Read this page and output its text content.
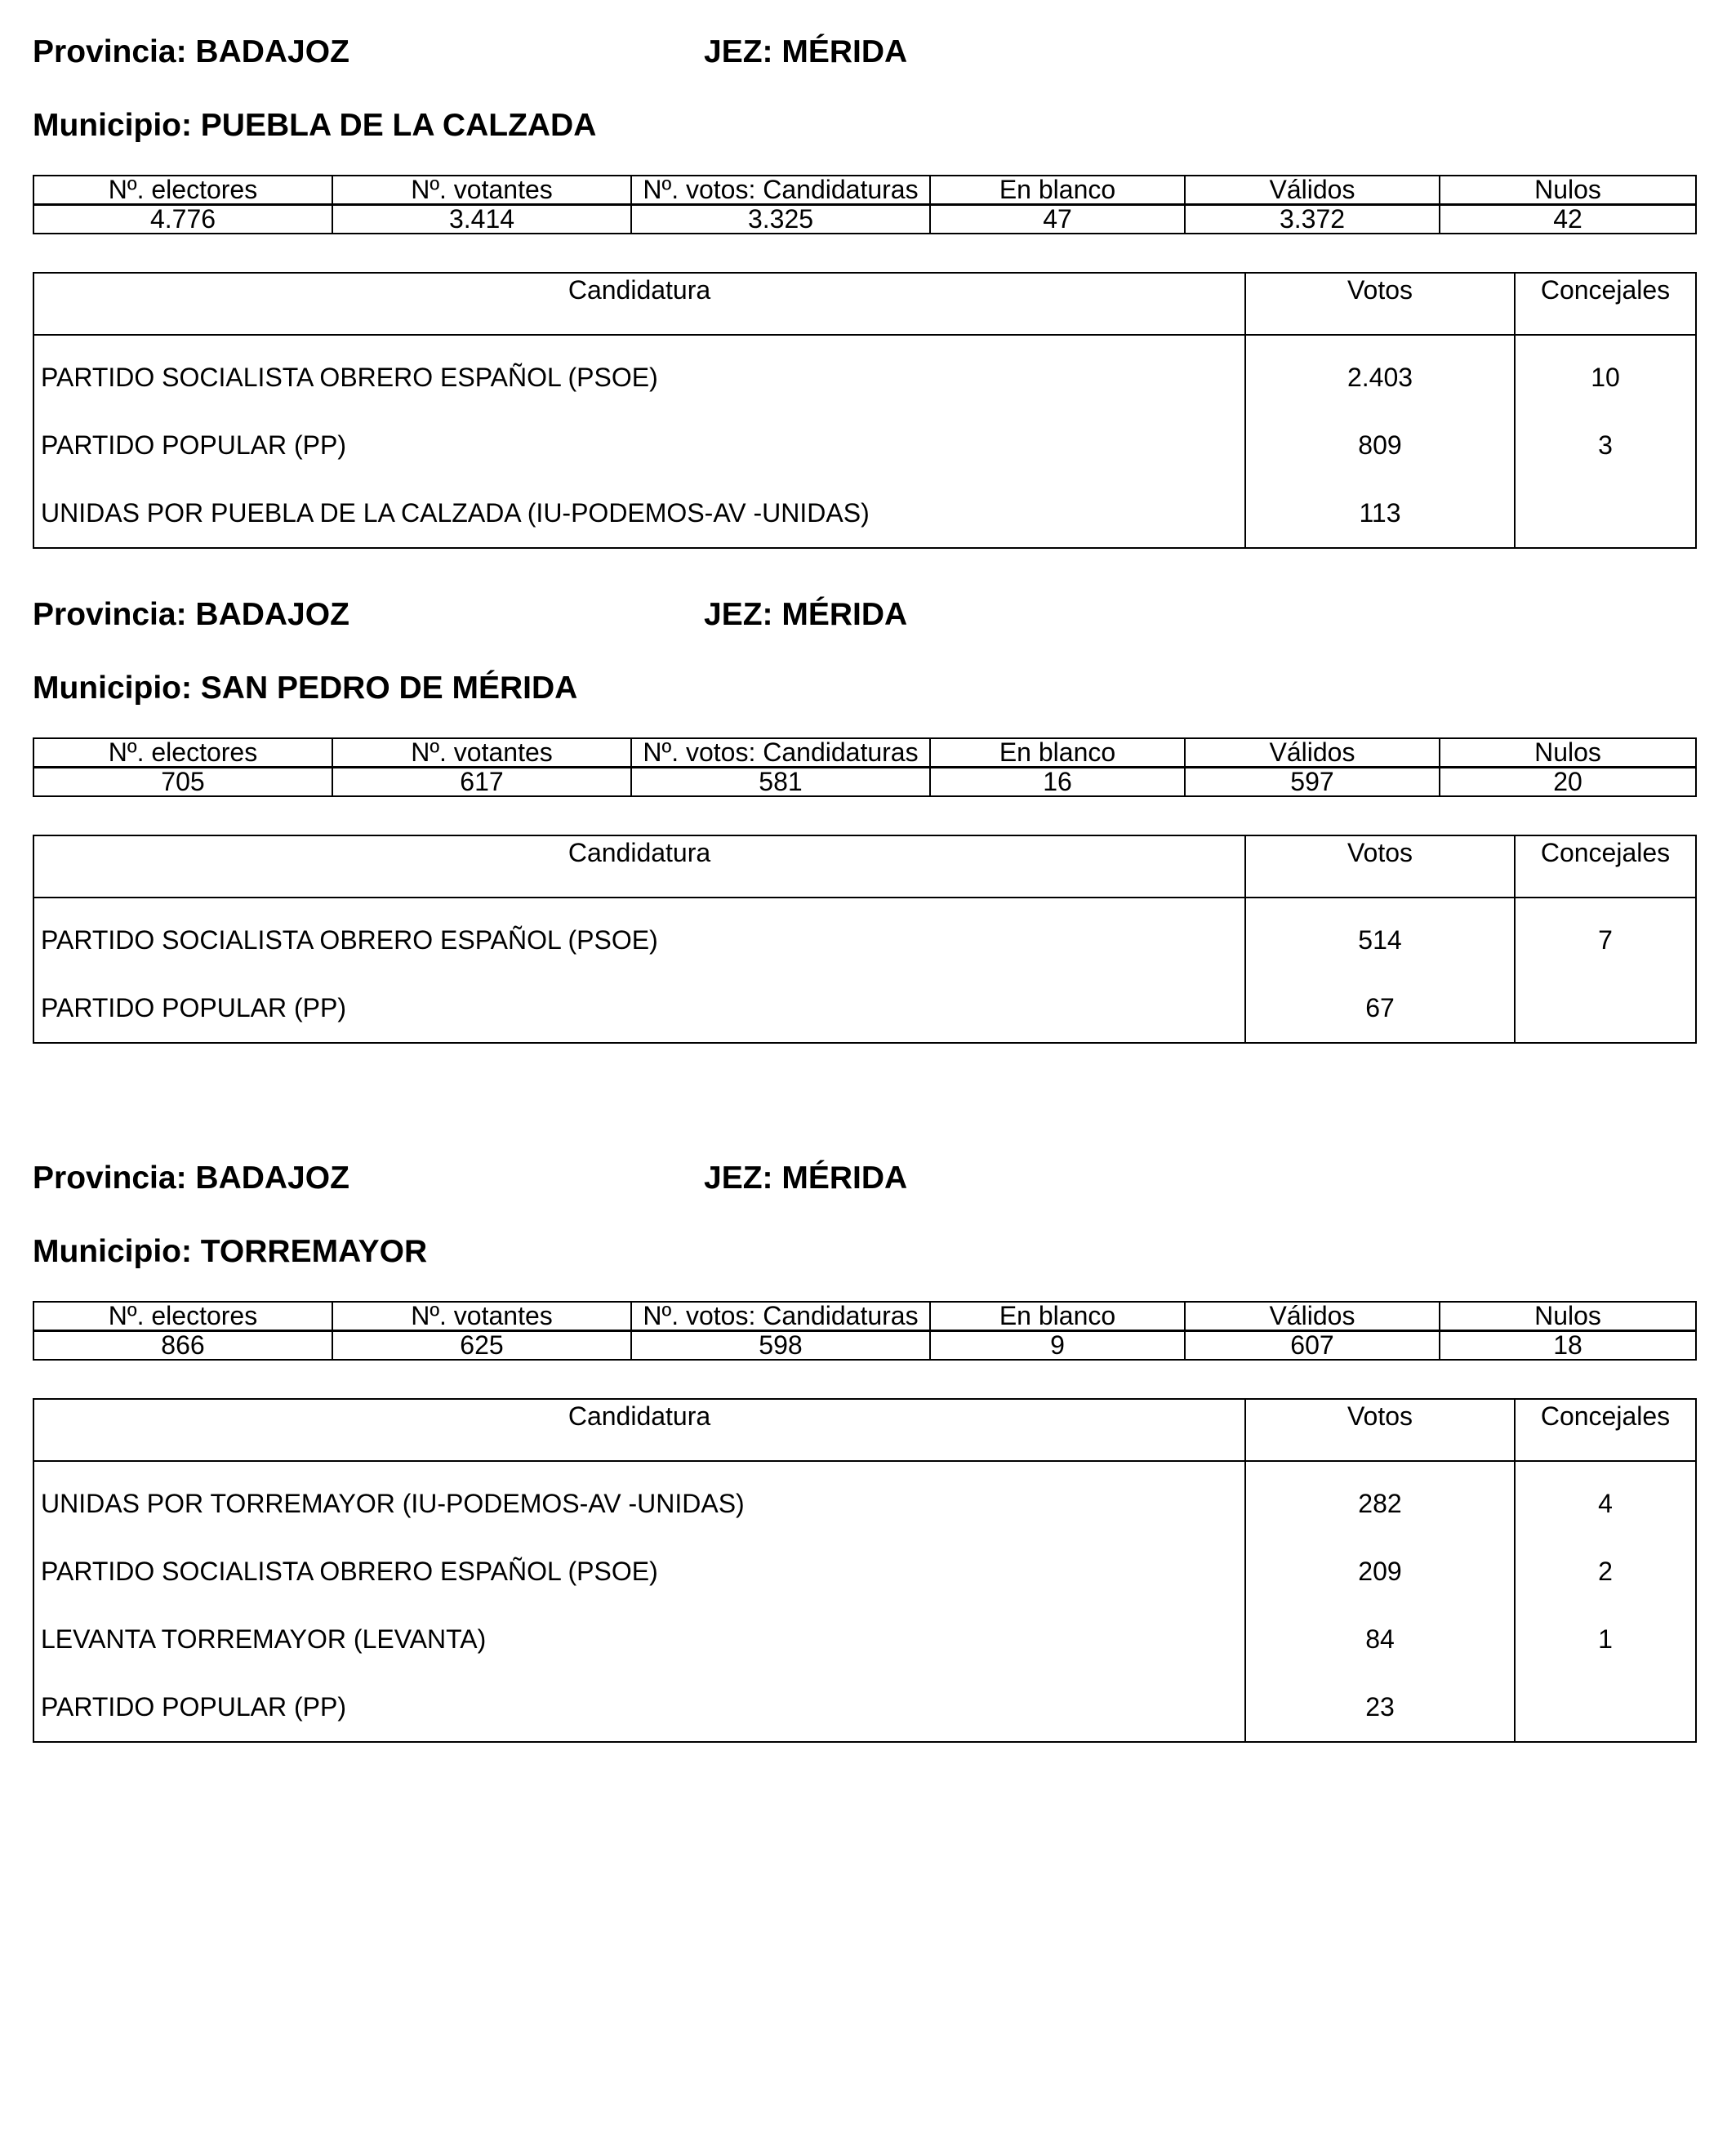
Provincia: BADAJOZ	JEZ: MÉRIDA
Municipio: PUEBLA DE LA CALZADA
Nº. electores	Nº. votantes	Nº. votos: Candidaturas	En blanco	Válidos	Nulos
4.776	3.414	3.325	47	3.372	42
Candidatura	Votos	Concejales
PARTIDO SOCIALISTA OBRERO ESPAÑOL (PSOE)	2.403	10
PARTIDO POPULAR (PP)	809	3
UNIDAS POR PUEBLA DE LA CALZADA (IU-PODEMOS-AV -UNIDAS)	113	
Provincia: BADAJOZ	JEZ: MÉRIDA
Municipio: SAN PEDRO DE MÉRIDA
Nº. electores	Nº. votantes	Nº. votos: Candidaturas	En blanco	Válidos	Nulos
705	617	581	16	597	20
Candidatura	Votos	Concejales
PARTIDO SOCIALISTA OBRERO ESPAÑOL (PSOE)	514	7
PARTIDO POPULAR (PP)	67	
Provincia: BADAJOZ	JEZ: MÉRIDA
Municipio: TORREMAYOR
Nº. electores	Nº. votantes	Nº. votos: Candidaturas	En blanco	Válidos	Nulos
866	625	598	9	607	18
Candidatura	Votos	Concejales
UNIDAS POR TORREMAYOR (IU-PODEMOS-AV -UNIDAS)	282	4
PARTIDO SOCIALISTA OBRERO ESPAÑOL (PSOE)	209	2
LEVANTA TORREMAYOR (LEVANTA)	84	1
PARTIDO POPULAR (PP)	23	
